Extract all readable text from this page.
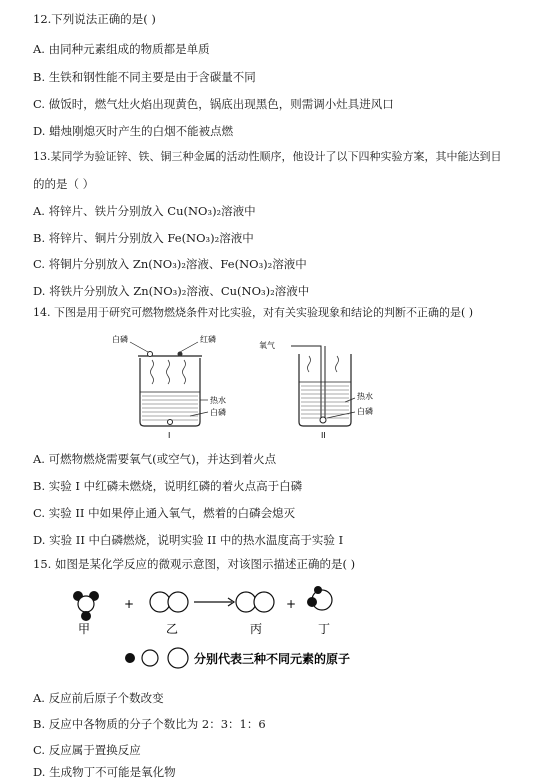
12.下列说法正确的是( )
A. 由同种元素组成的物质都是单质
B. 生铁和钢性能不同主要是由于含碳量不同
C. 做饭时，燃气灶火焰出现黄色，锅底出现黑色，则需调小灶具进风口
D. 蜡烛刚熄灭时产生的白烟不能被点燃
13.某同学为验证锌、铁、铜三种金属的活动性顺序，他设计了以下四种实验方案，其中能达到目
的的是（ ）
A. 将锌片、铁片分别放入 Cu(NO₃)₂溶液中
B. 将锌片、铜片分别放入 Fe(NO₃)₂溶液中
C. 将铜片分别放入 Zn(NO₃)₂溶液、Fe(NO₃)₂溶液中
D. 将铁片分别放入 Zn(NO₃)₂溶液、Cu(NO₃)₂溶液中
14. 下图是用于研究可燃物燃烧条件对比实验，对有关实验现象和结论的判断不正确的是( )
白磷	红磷
热水
白磷
I
氧气
热水
白磷
II
A. 可燃物燃烧需要氧气(或空气)，并达到着火点
B. 实验 I 中红磷未燃烧，说明红磷的着火点高于白磷
C. 实验 II 中如果停止通入氧气，燃着的白磷会熄灭
D. 实验 II 中白磷燃烧，说明实验 II 中的热水温度高于实验 I
15. 如图是某化学反应的微观示意图，对该图示描述正确的是( )
+	+
甲	乙	丙	丁
分别代表三种不同元素的原子
A. 反应前后原子个数改变
B. 反应中各物质的分子个数比为 2：3：1：6
C. 反应属于置换反应
D. 生成物丁不可能是氧化物
